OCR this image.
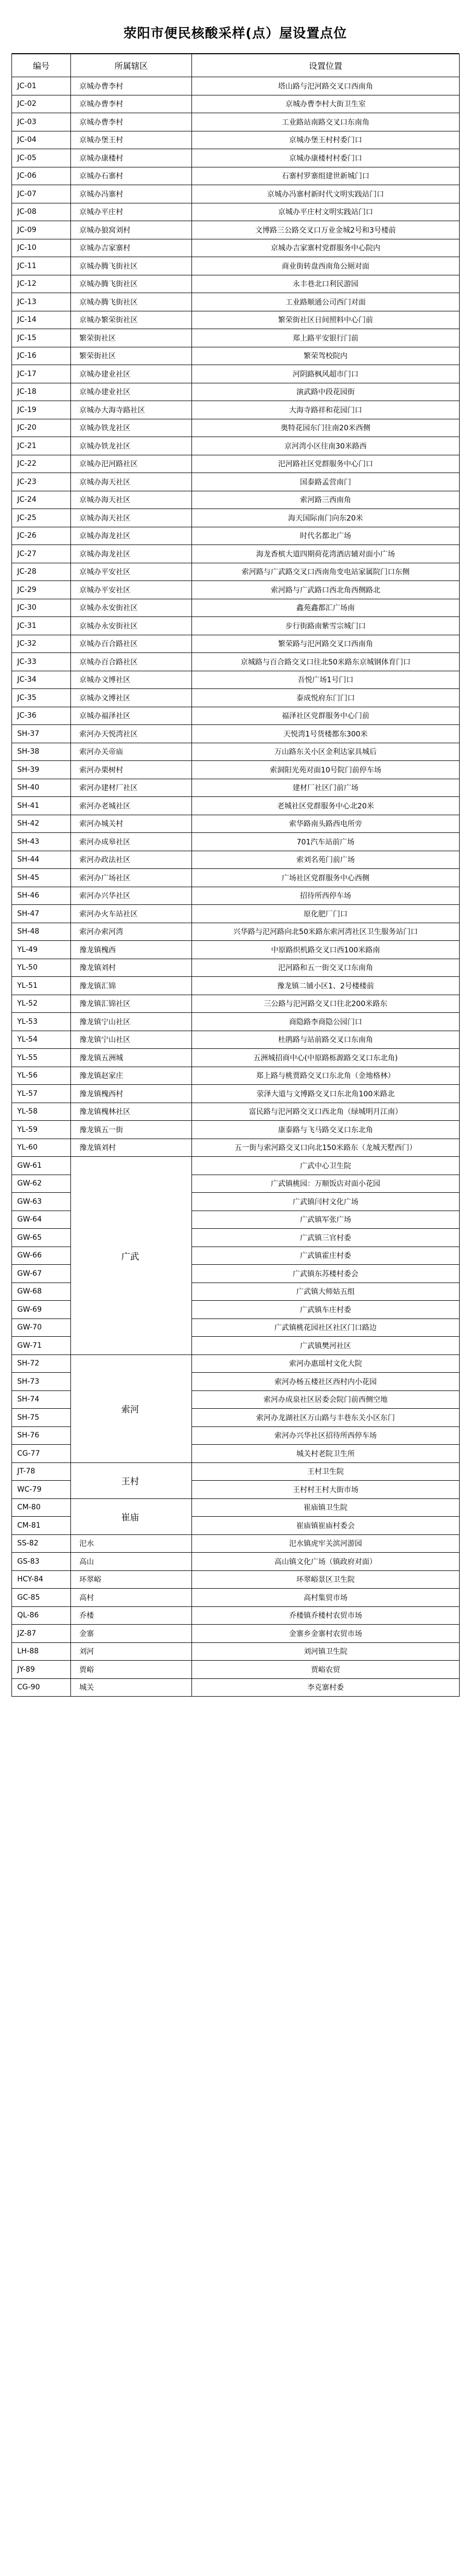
荥阳市便民核酸采样(点）屋设置点位
编号	所属辖区	设置位置
JC-01	京城办曹李村	塔山路与汜河路交叉口西南角
JC-02	京城办曹李村	京城办曹李村大街卫生室
JC-03	京城办曹李村	工业路站南路交叉口东南角
JC-04	京城办堡王村	京城办堡王村村委门口
JC-05	京城办康楼村	京城办康楼村村委门口
JC-06	京城办石寨村	石寨村罗寨组建世新城门口
JC-07	京城办冯寨村	京城办冯寨村新时代文明实践站门口
JC-08	京城办平庄村	京城办平庄村文明实践站门口
JC-09	京城办狼窝刘村	文博路三公路交叉口万业金城2号和3号楼前
JC-10	京城办吉家寨村	京城办吉家寨村党群服务中心院内
JC-11	京城办腾飞街社区	商业街转盘西南角公厕对面
JC-12	京城办腾飞街社区	永丰巷北口利民游园
JC-13	京城办腾飞街社区	工业路顺通公司西门对面
JC-14	京城办繁荣街社区	繁荣街社区日间照料中心门前
JC-15	繁荣街社区	郑上路平安银行门前
JC-16	繁荣街社区	繁荣驾校院内
JC-17	京城办建业社区	河阴路枫风超市门口
JC-18	京城办建业社区	演武路中段花园街
JC-19	京城办大海寺路社区	大海寺路祥和花园门口
JC-20	京城办铁龙社区	奥特花园东门往南20米西侧
JC-21	京城办铁龙社区	京河湾小区往南30米路西
JC-22	京城办汜河路社区	汜河路社区党群服务中心门口
JC-23	京城办海天社区	国泰路孟营南门
JC-24	京城办海天社区	索河路三西南角
JC-25	京城办海天社区	海天国际南门向东20米
JC-26	京城办海龙社区	时代名都北广场
JC-27	京城办海龙社区	海龙香槟大道四期荷花湾酒店辅对面小广场
JC-28	京城办平安社区	索河路与广武路交叉口西南角变电站家属院门口东侧
JC-29	京城办平安社区	索河路与广武路口西北角西侧路北
JC-30	京城办永安街社区	鑫苑鑫都汇广场南
JC-31	京城办永安街社区	步行街路南紫雪宗城门口
JC-32	京城办百合路社区	繁荣路与汜河路交叉口西南角
JC-33	京城办百合路社区	京城路与百合路交叉口往北50米路东京城钢体育门口
JC-34	京城办文博社区	吾悦广场1号门口
JC-35	京城办文博社区	泰成悦府东门门口
JC-36	京城办福泽社区	福泽社区党群服务中心门前
SH-37	索河办天悦湾社区	天悦湾1号货楼都东300米
SH-38	索河办关帝庙	万山路东关小区金利达家具城后
SH-39	索河办栗树村	索洞阳光苑对面10号院门前停车场
SH-40	索河办建材厂社区	建材厂社区门前广场
SH-41	索河办老城社区	老城社区党群服务中心北20米
SH-42	索河办城关村	索华路南头路西电所旁
SH-43	索河办成皋社区	701汽车站前广场
SH-44	索河办政法社区	索刘名苑门前广场
SH-45	索河办广场社区	广场社区党群服务中心西侧
SH-46	索河办兴华社区	招待所西停车场
SH-47	索河办火车站社区	原化肥厂门口
SH-48	索河办索河湾	兴华路与汜河路向北50米路东索河湾社区卫生服务站门口
YL-49	豫龙镇槐西	中原路织机路交叉口西100米路南
YL-50	豫龙镇刘村	汜河路和五一街交叉口东南角
YL-51	豫龙镇汇锦	豫龙镇二铺小区1、2号楼楼前
YL-52	豫龙镇汇锦社区	三公路与汜河路交叉口往北200米路东
YL-53	豫龙镇宁山社区	商隐路李商隐公园门口
YL-54	豫龙镇宁山社区	杜鹃路与站前路交叉口东南角
YL-55	豫龙镇五洲城	五洲城招商中心(中原路栎源路交叉口东北角)
YL-56	豫龙镇赵家庄	郑上路与桃贾路交叉口东北角（金地格林）
YL-57	豫龙镇槐西村	荥泽大道与文博路交叉口东北角100米路北
YL-58	豫龙镇槐林社区	富民路与汜河路交叉口西北角（绿城明月江南）
YL-59	豫龙镇五一街	康泰路与飞马路交叉口东北角
YL-60	豫龙镇刘村	五一街与索河路交叉口向北150米路东（龙城天墅西门）
GW-61	广武	广武中心卫生院
GW-62		广武镇桃园：万顺饭店对面小花园
GW-63		广武镇闫村文化广场
GW-64		广武镇军张广场
GW-65		广武镇三官村委
GW-66		广武镇霍庄村委
GW-67		广武镇东苏楼村委会
GW-68		广武镇大师姑五组
GW-69		广武镇车庄村委
GW-70		广武镇桃花园社区社区门口路边
GW-71		广武镇樊河社区
SH-72	索河	索河办惠瑶村文化大院
SH-73		索河办杨五楼社区西村内小花园
SH-74		索河办成泉社区居委会院门前西侧空地
SH-75		索河办龙湖社区万山路与丰巷东关小区东门
SH-76		索河办兴华社区招待所西停车场
CG-77		城关村老院卫生所
JT-78	王村	王村卫生院
WC-79		王村村王村大街市场
CM-80	崔庙	崔庙镇卫生院
CM-81		崔庙镇崔庙村委会
SS-82	汜水	汜水镇虎牢关滨河游园
GS-83	高山	高山镇文化广场（镇政府对面）
HCY-84	环翠峪	环翠峪景区卫生院
GC-85	高村	高村集贸市场
QL-86	乔楼	乔楼镇乔楼村农贸市场
JZ-87	金寨	金寨乡金寨村农贸市场
LH-88	刘河	刘河镇卫生院
JY-89	贾峪	贾峪农贸
CG-90	城关	李克寨村委
